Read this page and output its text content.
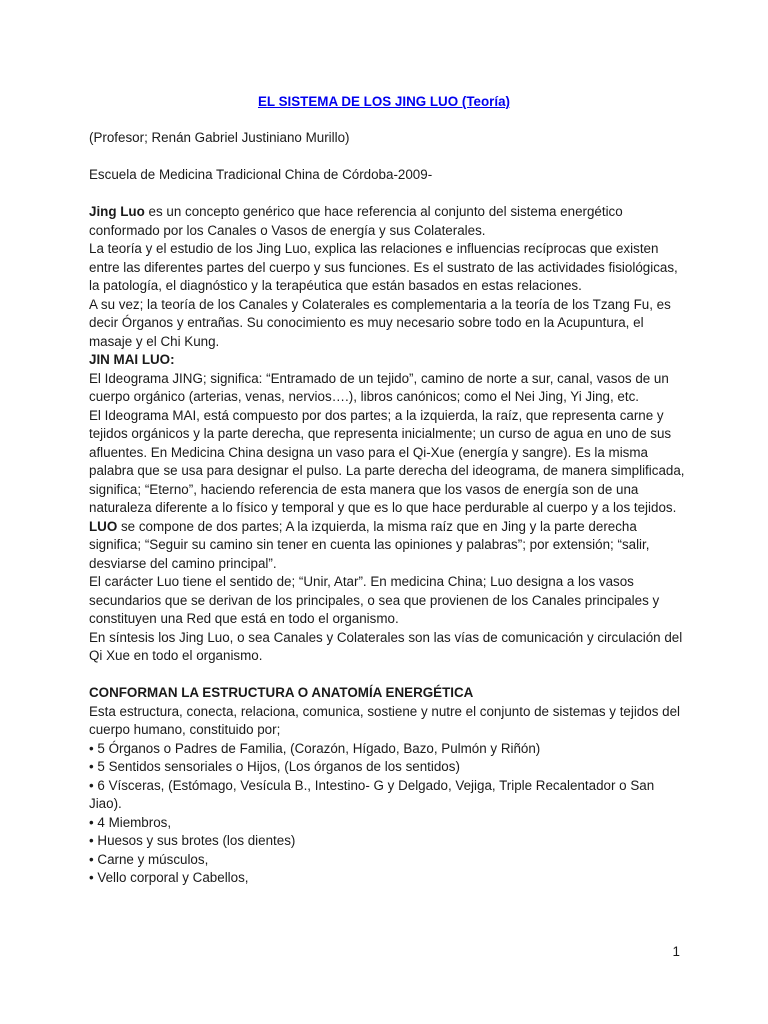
EL SISTEMA DE LOS JING LUO (Teoría)

(Profesor; Renán Gabriel Justiniano Murillo)

Escuela de Medicina Tradicional China de Córdoba-2009-

Jing Luo es un concepto genérico que hace referencia al conjunto del sistema energético conformado por los Canales o Vasos de energía y sus Colaterales.

La teoría y el estudio de los Jing Luo, explica las relaciones e influencias recíprocas que existen entre las diferentes partes del cuerpo y sus funciones. Es el sustrato de las actividades fisiológicas, la patología, el diagnóstico y la terapéutica que están basados en estas relaciones.

A su vez; la teoría de los Canales y Colaterales es complementaria a la teoría de los Tzang Fu, es decir Órganos y entrañas. Su conocimiento es muy necesario sobre todo en la Acupuntura, el masaje y el Chi Kung.

JIN MAI LUO:

El Ideograma JING; significa: “Entramado de un tejido”, camino de norte a sur, canal, vasos de un cuerpo orgánico (arterias, venas, nervios….), libros canónicos; como el Nei Jing, Yi Jing, etc.

El Ideograma MAI, está compuesto por dos partes; a la izquierda, la raíz, que representa carne y tejidos orgánicos y la parte derecha, que representa inicialmente; un curso de agua en uno de sus afluentes. En Medicina China designa un vaso para el Qi-Xue (energía y sangre). Es la misma palabra que se usa para designar el pulso. La parte derecha del ideograma, de manera simplificada, significa; “Eterno”, haciendo referencia de esta manera que los vasos de energía son de una naturaleza diferente a lo físico y temporal y que es lo que hace perdurable al cuerpo y a los tejidos.

LUO se compone de dos partes; A la izquierda, la misma raíz que en Jing y la parte derecha significa; “Seguir su camino sin tener en cuenta las opiniones y palabras”; por extensión; “salir, desviarse del camino principal”.

El carácter Luo tiene el sentido de; “Unir, Atar”. En medicina China; Luo designa a los vasos secundarios que se derivan de los principales, o sea que provienen de los Canales principales y constituyen una Red que está en todo el organismo.

En síntesis los Jing Luo, o sea Canales y Colaterales son las vías de comunicación y circulación del Qi Xue en todo el organismo.

CONFORMAN LA ESTRUCTURA O ANATOMÍA ENERGÉTICA

Esta estructura, conecta, relaciona, comunica, sostiene y nutre el conjunto de sistemas y tejidos del cuerpo humano, constituido por;

• 5 Órganos o Padres de Familia, (Corazón, Hígado, Bazo, Pulmón y Riñón)

• 5 Sentidos sensoriales o Hijos, (Los órganos de los sentidos)

• 6 Vísceras, (Estómago, Vesícula B., Intestino- G y Delgado, Vejiga, Triple Recalentador o San Jiao).

• 4 Miembros,

• Huesos y sus brotes (los dientes)

• Carne y músculos,

• Vello corporal y Cabellos,

1
